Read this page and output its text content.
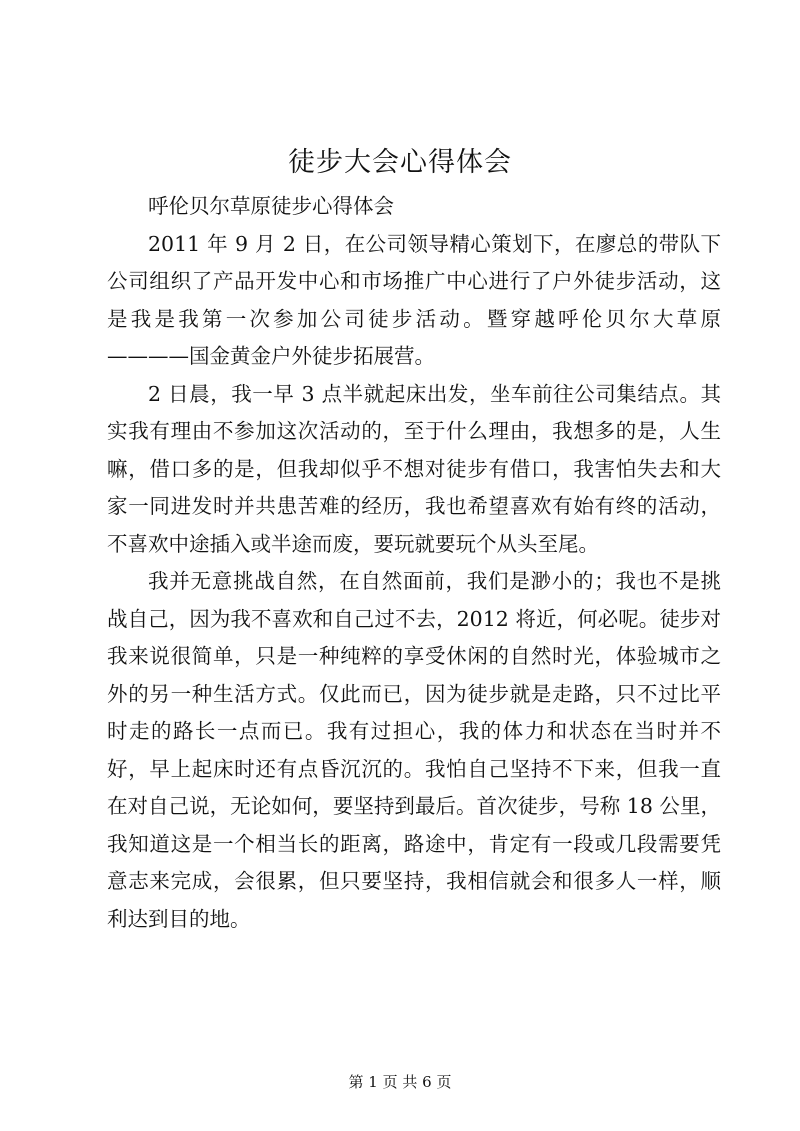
徒步大会心得体会

呼伦贝尔草原徒步心得体会

2011 年 9 月 2 日，在公司领导精心策划下，在廖总的带队下公司组织了产品开发中心和市场推广中心进行了户外徒步活动，这是我是我第一次参加公司徒步活动。暨穿越呼伦贝尔大草原————国金黄金户外徒步拓展营。

2 日晨，我一早 3 点半就起床出发，坐车前往公司集结点。其实我有理由不参加这次活动的，至于什么理由，我想多的是，人生嘛，借口多的是，但我却似乎不想对徒步有借口，我害怕失去和大家一同进发时并共患苦难的经历，我也希望喜欢有始有终的活动，不喜欢中途插入或半途而废，要玩就要玩个从头至尾。

我并无意挑战自然，在自然面前，我们是渺小的；我也不是挑战自己，因为我不喜欢和自己过不去，2012 将近，何必呢。徒步对我来说很简单，只是一种纯粹的享受休闲的自然时光，体验城市之外的另一种生活方式。仅此而已，因为徒步就是走路，只不过比平时走的路长一点而已。我有过担心，我的体力和状态在当时并不好，早上起床时还有点昏沉沉的。我怕自己坚持不下来，但我一直在对自己说，无论如何，要坚持到最后。首次徒步，号称 18 公里，我知道这是一个相当长的距离，路途中，肯定有一段或几段需要凭意志来完成，会很累，但只要坚持，我相信就会和很多人一样，顺利达到目的地。

第 1 页 共 6 页
